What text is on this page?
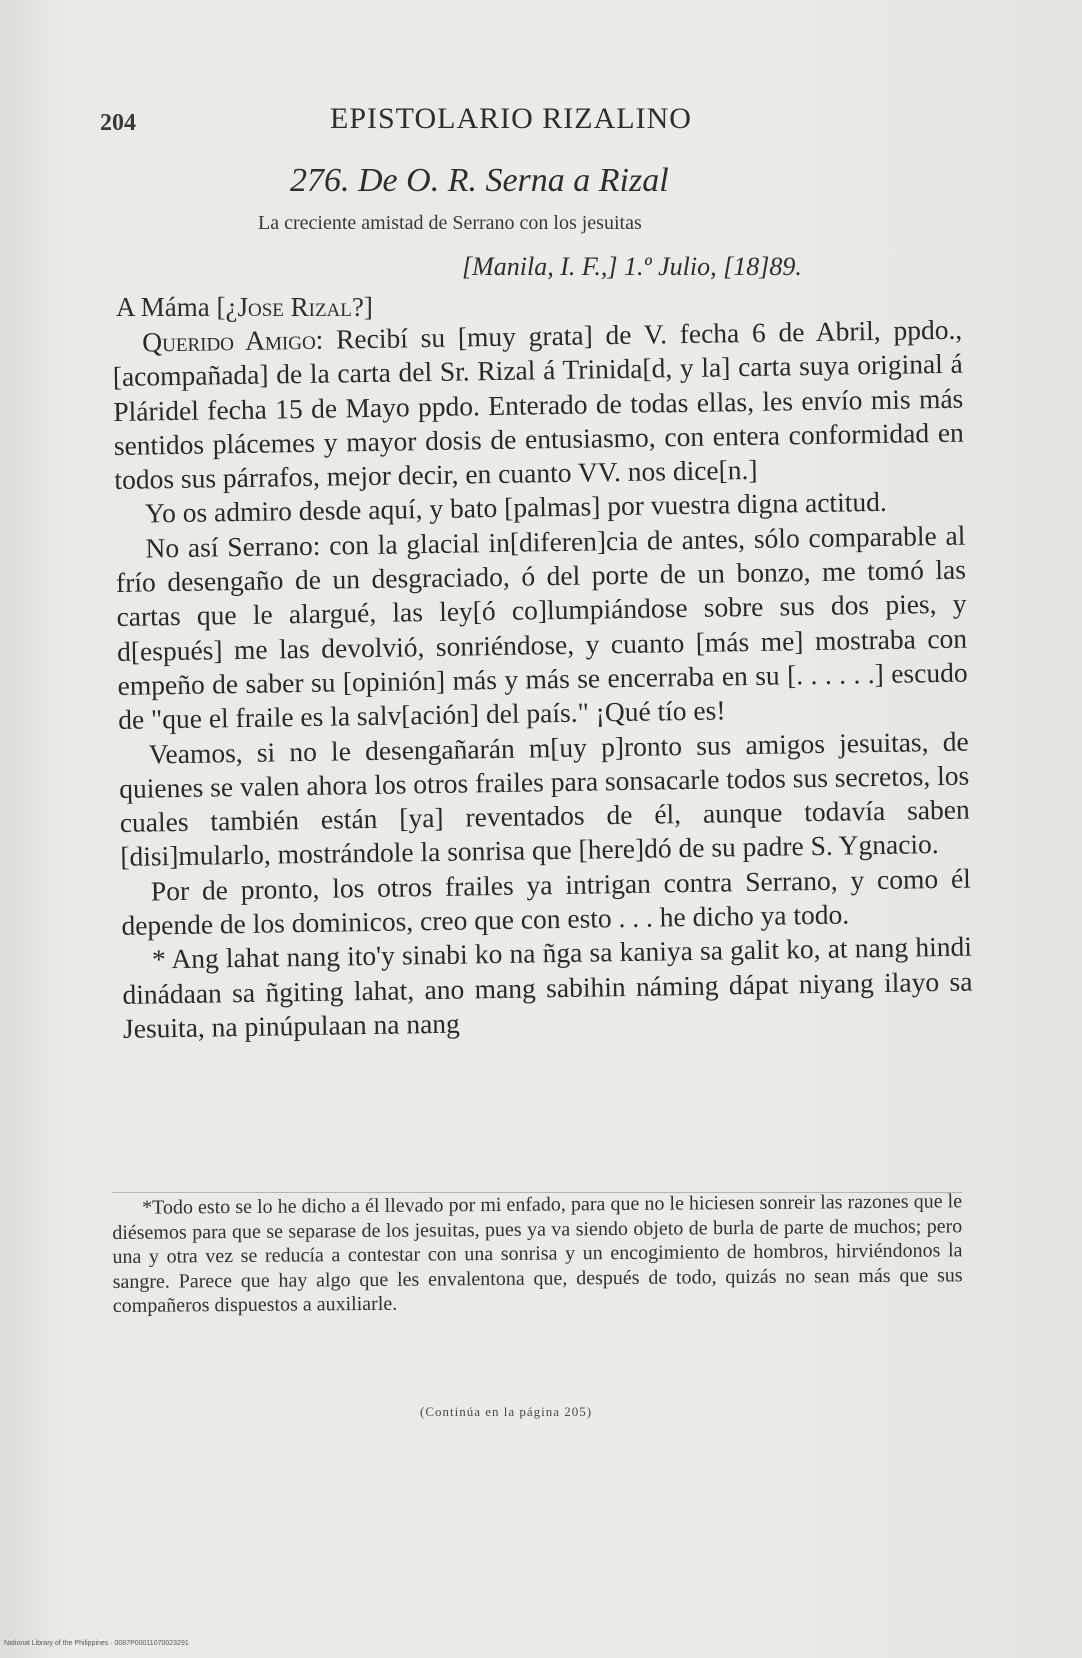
204	EPISTOLARIO RIZALINO
276. De O. R. Serna a Rizal
La creciente amistad de Serrano con los jesuitas
[Manila, I. F.,] 1.º Julio, [18]89.
A Máma [¿Jose Rizal?]

Querido Amigo: Recibí su [muy grata] de V. fecha 6 de Abril, ppdo., [acompañada] de la carta del Sr. Rizal á Trinida[d, y la] carta suya original á Pláridel fecha 15 de Mayo ppdo. Enterado de todas ellas, les envío mis más sentidos plácemes y mayor dosis de entusiasmo, con entera conformidad en todos sus párrafos, mejor decir, en cuanto VV. nos dice[n.]

Yo os admiro desde aquí, y bato [palmas] por vuestra digna actitud.

No así Serrano: con la glacial in[diferen]cia de antes, sólo comparable al frío desengaño de un desgraciado, ó del porte de un bonzo, me tomó las cartas que le alargué, las ley[ó co]lumpiándose sobre sus dos pies, y d[espués] me las devolvió, sonriéndose, y cuanto [más me] mostraba con empeño de saber su [opinión] más y más se encerraba en su [. . . . . .] escudo de "que el fraile es la salv[ación] del país." ¡Qué tío es!

Veamos, si no le desengañarán m[uy p]ronto sus amigos jesuitas, de quienes se valen ahora los otros frailes para sonsacarle todos sus secretos, los cuales también están [ya] reventados de él, aunque todavía saben [disi]mularlo, mostrándole la sonrisa que [here]dó de su padre S. Ygnacio.

Por de pronto, los otros frailes ya intrigan contra Serrano, y como él depende de los dominicos, creo que con esto . . . he dicho ya todo.

* Ang lahat nang ito'y sinabi ko na ñga sa kaniya sa galit ko, at nang hindi dinádaan sa ñgiting lahat, ano mang sabihin náming dápat niyang ilayo sa Jesuita, na pinúpulaan na nang

*Todo esto se lo he dicho a él llevado por mi enfado, para que no le hiciesen sonreir las razones que le diésemos para que se separase de los jesuitas, pues ya va siendo objeto de burla de parte de muchos; pero una y otra vez se reducía a contestar con una sonrisa y un encogimiento de hombros, hirviéndonos la sangre. Parece que hay algo que les envalentona que, después de todo, quizás no sean más que sus compañeros dispuestos a auxiliarle.

(Continúa en la página 205)
National Library of the Philippines · 0087P00011070023291
